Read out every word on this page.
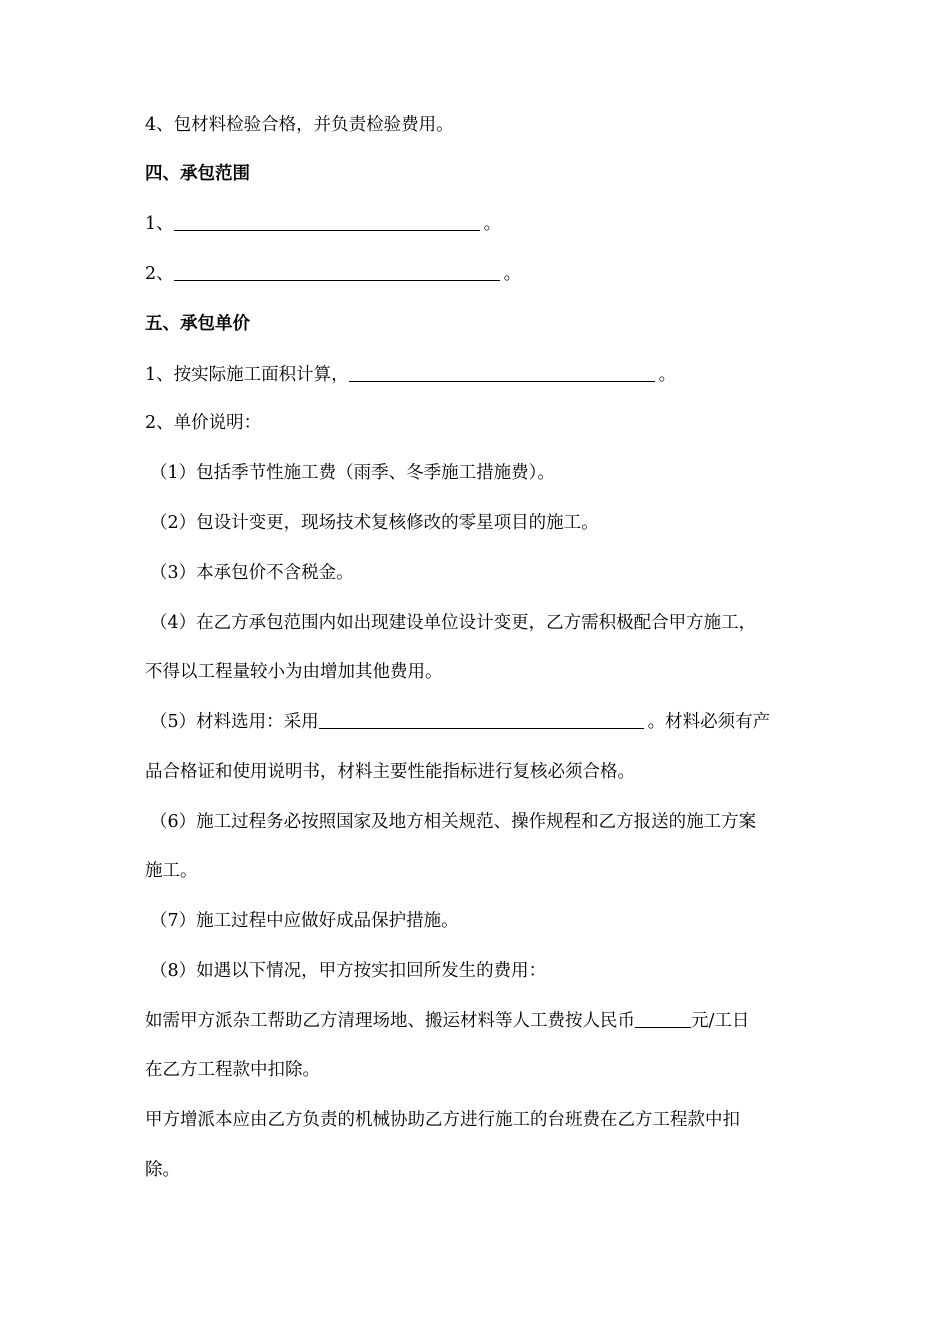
4、包材料检验合格，并负责检验费用。
四、承包范围
1、	。
2、	。
五、承包单价
1、按实际施工面积计算，	。
2、单价说明：
（1）包括季节性施工费（雨季、冬季施工措施费）。
（2）包设计变更，现场技术复核修改的零星项目的施工。
（3）本承包价不含税金。
（4）在乙方承包范围内如出现建设单位设计变更，乙方需积极配合甲方施工，
不得以工程量较小为由增加其他费用。
（5）材料选用：采用	。材料必须有产
品合格证和使用说明书，材料主要性能指标进行复核必须合格。
（6）施工过程务必按照国家及地方相关规范、操作规程和乙方报送的施工方案
施工。
（7）施工过程中应做好成品保护措施。
（8）如遇以下情况，甲方按实扣回所发生的费用：
如需甲方派杂工帮助乙方清理场地、搬运材料等人工费按人民币	元/工日
在乙方工程款中扣除。
甲方增派本应由乙方负责的机械协助乙方进行施工的台班费在乙方工程款中扣
除。
